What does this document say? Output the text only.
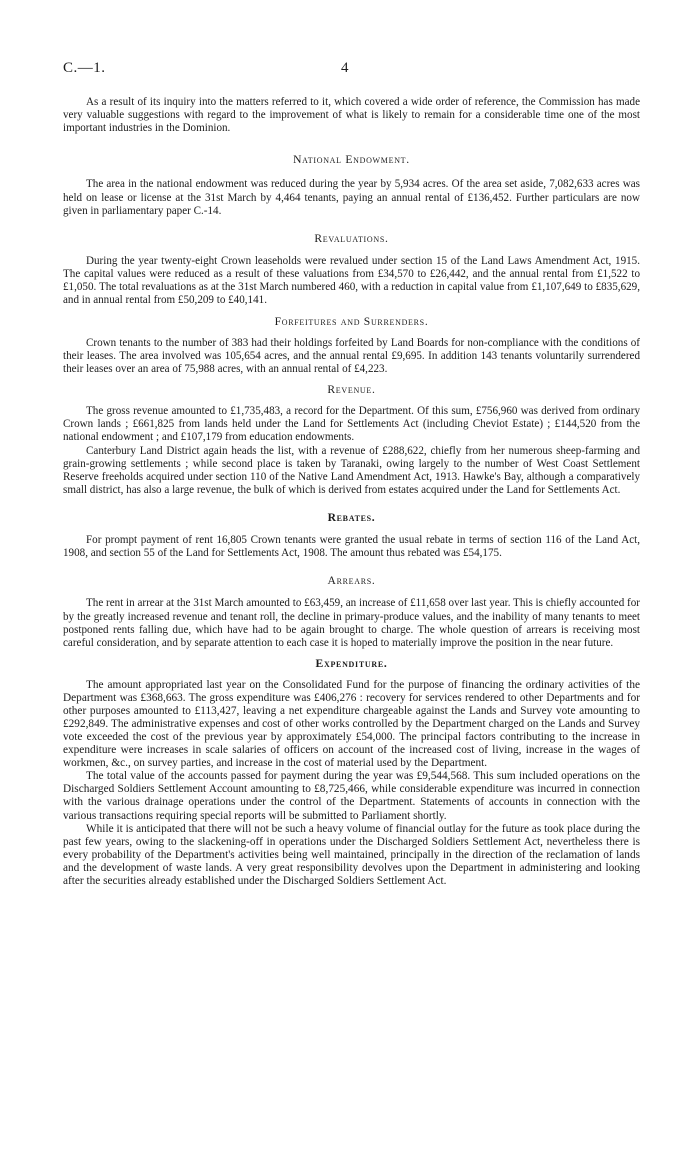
C.—1.	4

As a result of its inquiry into the matters referred to it, which covered a wide order of reference, the Commission has made very valuable suggestions with regard to the improvement of what is likely to remain for a considerable time one of the most important industries in the Dominion.

National Endowment.

The area in the national endowment was reduced during the year by 5,934 acres. Of the area set aside, 7,082,633 acres was held on lease or license at the 31st March by 4,464 tenants, paying an annual rental of £136,452. Further particulars are now given in parliamentary paper C.-14.

Revaluations.

During the year twenty-eight Crown leaseholds were revalued under section 15 of the Land Laws Amendment Act, 1915. The capital values were reduced as a result of these valuations from £34,570 to £26,442, and the annual rental from £1,522 to £1,050. The total revaluations as at the 31st March numbered 460, with a reduction in capital value from £1,107,649 to £835,629, and in annual rental from £50,209 to £40,141.

Forfeitures and Surrenders.

Crown tenants to the number of 383 had their holdings forfeited by Land Boards for non-compliance with the conditions of their leases. The area involved was 105,654 acres, and the annual rental £9,695. In addition 143 tenants voluntarily surrendered their leases over an area of 75,988 acres, with an annual rental of £4,223.

Revenue.

The gross revenue amounted to £1,735,483, a record for the Department. Of this sum, £756,960 was derived from ordinary Crown lands ; £661,825 from lands held under the Land for Settlements Act (including Cheviot Estate) ; £144,520 from the national endowment ; and £107,179 from education endowments.

Canterbury Land District again heads the list, with a revenue of £288,622, chiefly from her numerous sheep-farming and grain-growing settlements ; while second place is taken by Taranaki, owing largely to the number of West Coast Settlement Reserve freeholds acquired under section 110 of the Native Land Amendment Act, 1913. Hawke's Bay, although a comparatively small district, has also a large revenue, the bulk of which is derived from estates acquired under the Land for Settlements Act.

Rebates.

For prompt payment of rent 16,805 Crown tenants were granted the usual rebate in terms of section 116 of the Land Act, 1908, and section 55 of the Land for Settlements Act, 1908. The amount thus rebated was £54,175.

Arrears.

The rent in arrear at the 31st March amounted to £63,459, an increase of £11,658 over last year. This is chiefly accounted for by the greatly increased revenue and tenant roll, the decline in primary-produce values, and the inability of many tenants to meet postponed rents falling due, which have had to be again brought to charge. The whole question of arrears is receiving most careful consideration, and by separate attention to each case it is hoped to materially improve the position in the near future.

Expenditure.

The amount appropriated last year on the Consolidated Fund for the purpose of financing the ordinary activities of the Department was £368,663. The gross expenditure was £406,276 : recovery for services rendered to other Departments and for other purposes amounted to £113,427, leaving a net expenditure chargeable against the Lands and Survey vote amounting to £292,849. The administrative expenses and cost of other works controlled by the Department charged on the Lands and Survey vote exceeded the cost of the previous year by approximately £54,000. The principal factors contributing to the increase in expenditure were increases in scale salaries of officers on account of the increased cost of living, increase in the wages of workmen, &c., on survey parties, and increase in the cost of material used by the Department.

The total value of the accounts passed for payment during the year was £9,544,568. This sum included operations on the Discharged Soldiers Settlement Account amounting to £8,725,466, while considerable expenditure was incurred in connection with the various drainage operations under the control of the Department. Statements of accounts in connection with the various transactions requiring special reports will be submitted to Parliament shortly.

While it is anticipated that there will not be such a heavy volume of financial outlay for the future as took place during the past few years, owing to the slackening-off in operations under the Discharged Soldiers Settlement Act, nevertheless there is every probability of the Department's activities being well maintained, principally in the direction of the reclamation of lands and the development of waste lands. A very great responsibility devolves upon the Department in administering and looking after the securities already established under the Discharged Soldiers Settlement Act.
